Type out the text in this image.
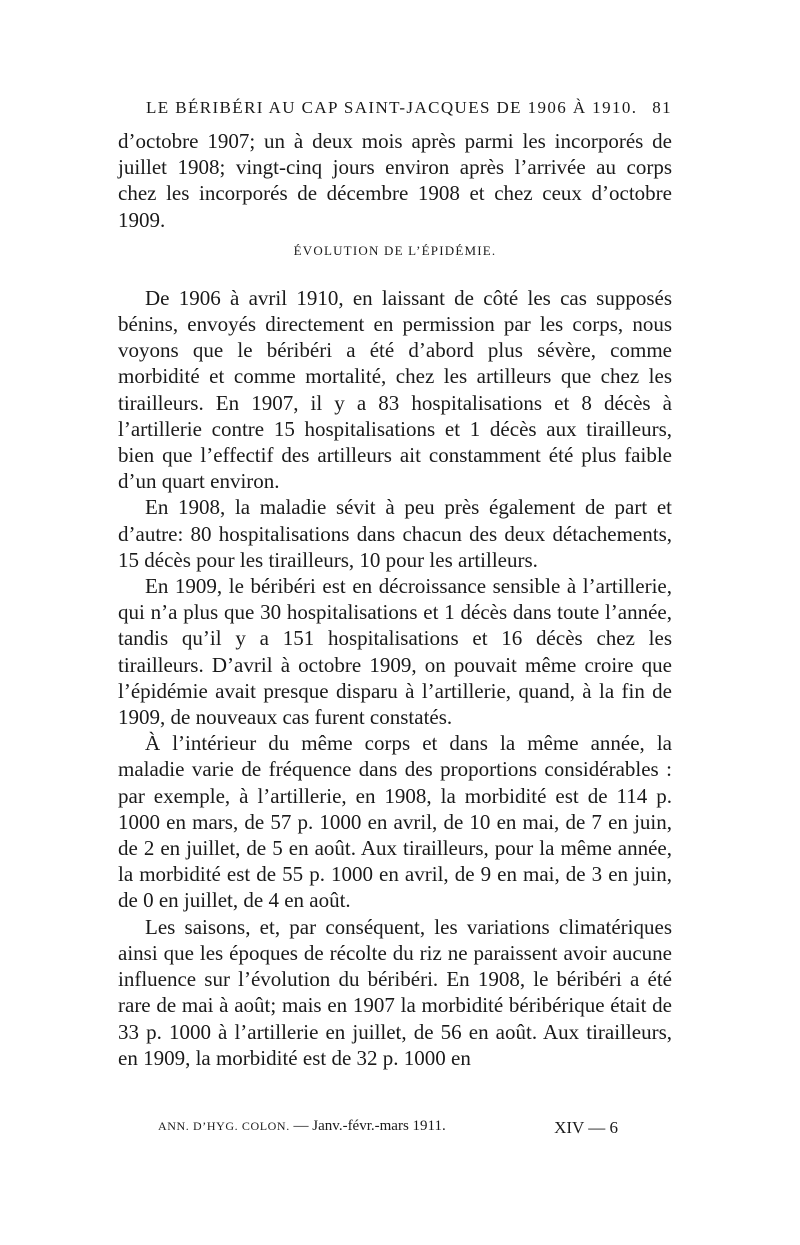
LE BÉRIBÉRI AU CAP SAINT-JACQUES DE 1906 À 1910. 81

d’octobre 1907; un à deux mois après parmi les incorporés de juillet 1908; vingt-cinq jours environ après l’arrivée au corps chez les incorporés de décembre 1908 et chez ceux d’octobre 1909.

ÉVOLUTION DE L’ÉPIDÉMIE.

De 1906 à avril 1910, en laissant de côté les cas supposés bénins, envoyés directement en permission par les corps, nous voyons que le béribéri a été d’abord plus sévère, comme morbidité et comme mortalité, chez les artilleurs que chez les tirailleurs. En 1907, il y a 83 hospitalisations et 8 décès à l’artillerie contre 15 hospitalisations et 1 décès aux tirailleurs, bien que l’effectif des artilleurs ait constamment été plus faible d’un quart environ.

En 1908, la maladie sévit à peu près également de part et d’autre: 80 hospitalisations dans chacun des deux détachements, 15 décès pour les tirailleurs, 10 pour les artilleurs.

En 1909, le béribéri est en décroissance sensible à l’artillerie, qui n’a plus que 30 hospitalisations et 1 décès dans toute l’année, tandis qu’il y a 151 hospitalisations et 16 décès chez les tirailleurs. D’avril à octobre 1909, on pouvait même croire que l’épidémie avait presque disparu à l’artillerie, quand, à la fin de 1909, de nouveaux cas furent constatés.

À l’intérieur du même corps et dans la même année, la maladie varie de fréquence dans des proportions considérables : par exemple, à l’artillerie, en 1908, la morbidité est de 114 p. 1000 en mars, de 57 p. 1000 en avril, de 10 en mai, de 7 en juin, de 2 en juillet, de 5 en août. Aux tirailleurs, pour la même année, la morbidité est de 55 p. 1000 en avril, de 9 en mai, de 3 en juin, de 0 en juillet, de 4 en août.

Les saisons, et, par conséquent, les variations climatériques ainsi que les époques de récolte du riz ne paraissent avoir aucune influence sur l’évolution du béribéri. En 1908, le béribéri a été rare de mai à août; mais en 1907 la morbidité béribérique était de 33 p. 1000 à l’artillerie en juillet, de 56 en août. Aux tirailleurs, en 1909, la morbidité est de 32 p. 1000 en

ANN. D’HYG. COLON. — Janv.-févr.-mars 1911.	XIV — 6
